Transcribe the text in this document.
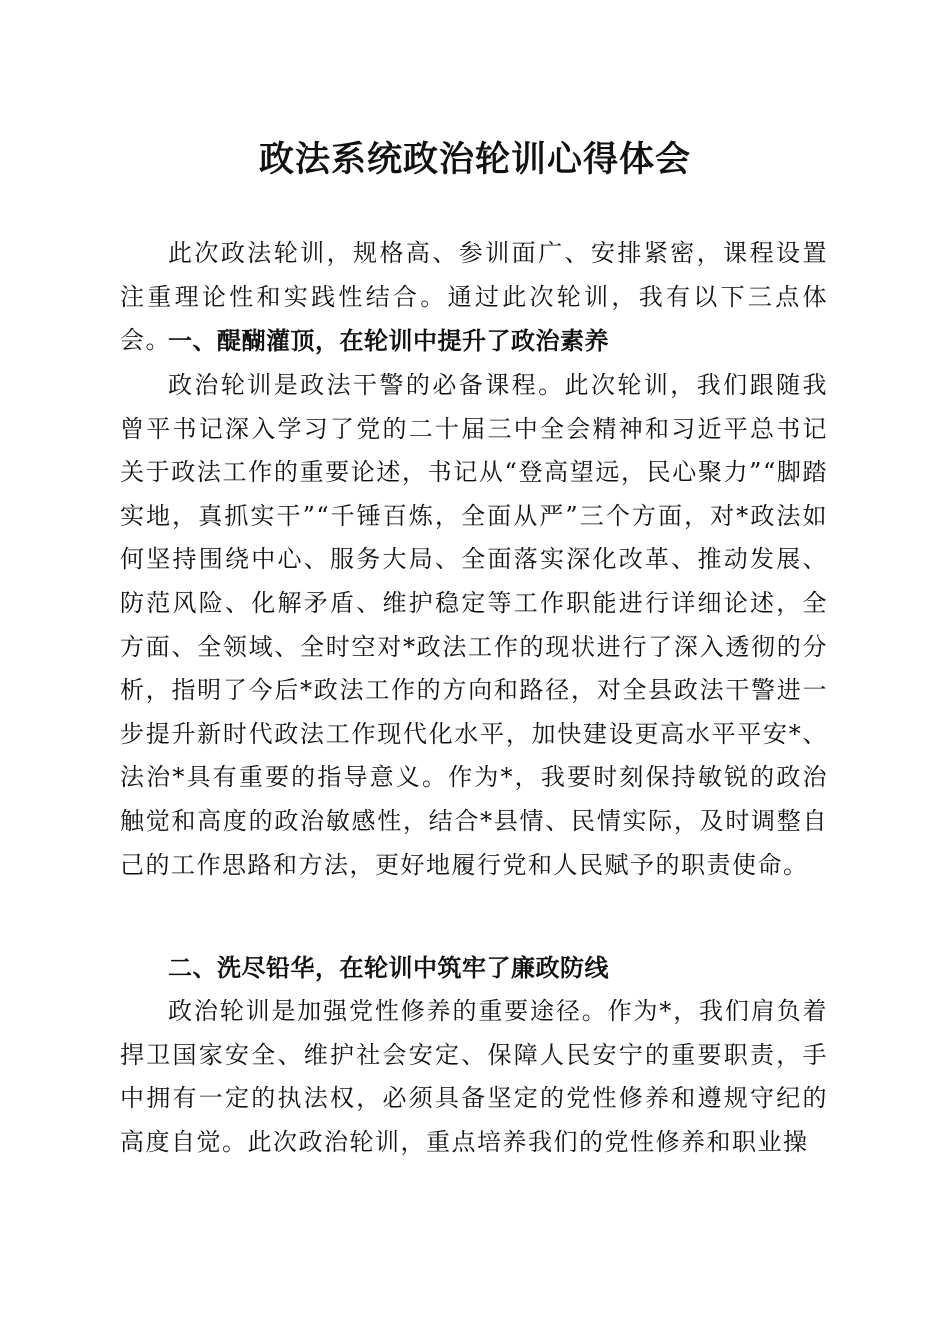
政法系统政治轮训心得体会

此次政法轮训，规格高、参训面广、安排紧密，课程设置注重理论性和实践性结合。通过此次轮训，我有以下三点体会。

一、醍醐灌顶，在轮训中提升了政治素养

政治轮训是政法干警的必备课程。此次轮训，我们跟随我曾平书记深入学习了党的二十届三中全会精神和习近平总书记关于政法工作的重要论述，书记从“登高望远，民心聚力”“脚踏实地，真抓实干”“千锤百炼，全面从严”三个方面，对*政法如何坚持围绕中心、服务大局、全面落实深化改革、推动发展、防范风险、化解矛盾、维护稳定等工作职能进行详细论述，全方面、全领域、全时空对*政法工作的现状进行了深入透彻的分析，指明了今后*政法工作的方向和路径，对全县政法干警进一步提升新时代政法工作现代化水平，加快建设更高水平平安*、法治*具有重要的指导意义。作为*，我要时刻保持敏锐的政治触觉和高度的政治敏感性，结合*县情、民情实际，及时调整自己的工作思路和方法，更好地履行党和人民赋予的职责使命。

二、洗尽铅华，在轮训中筑牢了廉政防线

政治轮训是加强党性修养的重要途径。作为*，我们肩负着捍卫国家安全、维护社会安定、保障人民安宁的重要职责，手中拥有一定的执法权，必须具备坚定的党性修养和遵规守纪的高度自觉。此次政治轮训，重点培养我们的党性修养和职业操
